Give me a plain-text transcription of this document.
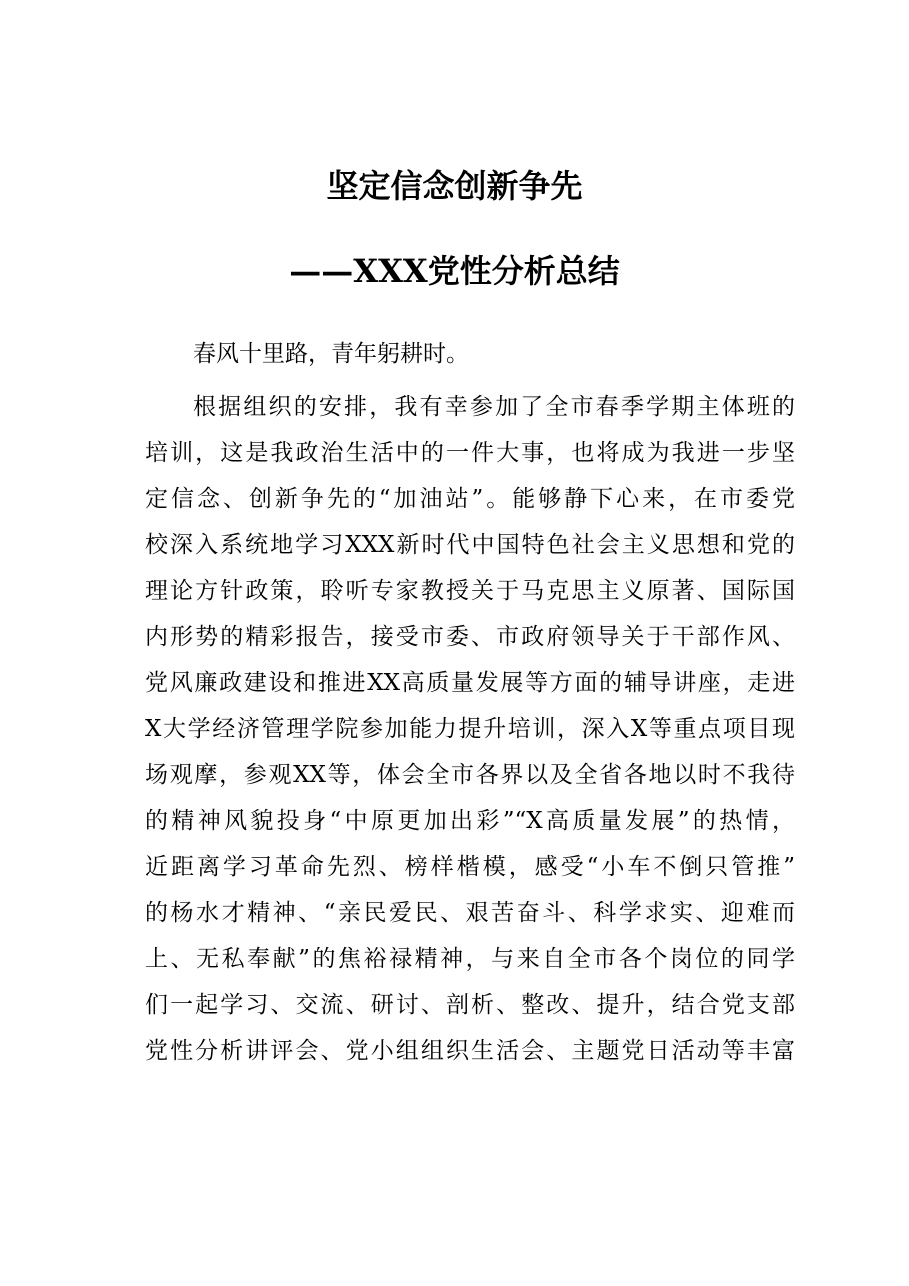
坚定信念创新争先
——XXX党性分析总结

春风十里路，青年躬耕时。

根据组织的安排，我有幸参加了全市春季学期主体班的
培训，这是我政治生活中的一件大事，也将成为我进一步坚
定信念、创新争先的“加油站”。能够静下心来，在市委党
校深入系统地学习XXX新时代中国特色社会主义思想和党的
理论方针政策，聆听专家教授关于马克思主义原著、国际国
内形势的精彩报告，接受市委、市政府领导关于干部作风、
党风廉政建设和推进XX高质量发展等方面的辅导讲座，走进
X大学经济管理学院参加能力提升培训，深入X等重点项目现
场观摩，参观XX等，体会全市各界以及全省各地以时不我待
的精神风貌投身“中原更加出彩”“X高质量发展”的热情，
近距离学习革命先烈、榜样楷模，感受“小车不倒只管推”
的杨水才精神、“亲民爱民、艰苦奋斗、科学求实、迎难而
上、无私奉献”的焦裕禄精神，与来自全市各个岗位的同学
们一起学习、交流、研讨、剖析、整改、提升，结合党支部
党性分析讲评会、党小组组织生活会、主题党日活动等丰富
